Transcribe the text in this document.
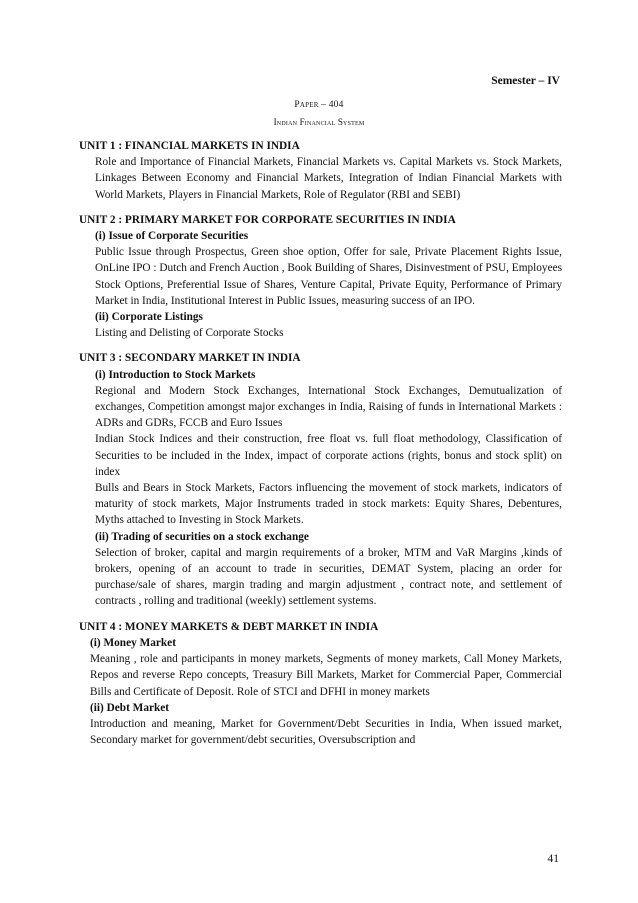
Semester – IV
Paper – 404
Indian Financial System
UNIT 1 : FINANCIAL MARKETS IN INDIA
Role and Importance of Financial Markets, Financial Markets vs. Capital Markets vs. Stock Markets, Linkages Between Economy and Financial Markets, Integration of Indian Financial Markets with World Markets, Players in Financial Markets, Role of Regulator (RBI and SEBI)
UNIT 2 : PRIMARY MARKET FOR CORPORATE SECURITIES IN INDIA
(i) Issue of Corporate Securities
Public Issue through Prospectus, Green shoe option, Offer for sale, Private Placement Rights Issue, OnLine IPO : Dutch and French Auction , Book Building of Shares, Disinvestment of PSU, Employees Stock Options, Preferential Issue of Shares, Venture Capital, Private Equity, Performance of Primary Market in India, Institutional Interest in Public Issues, measuring success of an IPO.
(ii) Corporate Listings
Listing and Delisting of Corporate Stocks
UNIT 3 : SECONDARY MARKET IN INDIA
(i) Introduction to Stock Markets
Regional and Modern Stock Exchanges, International Stock Exchanges, Demutualization of exchanges, Competition amongst major exchanges in India, Raising of funds in International Markets : ADRs and GDRs, FCCB and Euro Issues
Indian Stock Indices and their construction, free float vs. full float methodology, Classification of Securities to be included in the Index, impact of corporate actions (rights, bonus and stock split) on index
Bulls and Bears in Stock Markets, Factors influencing the movement of stock markets, indicators of maturity of stock markets, Major Instruments traded in stock markets: Equity Shares, Debentures, Myths attached to Investing in Stock Markets.
(ii) Trading of securities on a stock exchange
Selection of broker, capital and margin requirements of a broker, MTM and VaR Margins ,kinds of brokers, opening of an account to trade in securities, DEMAT System, placing an order for purchase/sale of shares, margin trading and margin adjustment , contract note, and settlement of contracts , rolling and traditional (weekly) settlement systems.
UNIT 4 : MONEY MARKETS & DEBT MARKET IN INDIA
(i) Money Market
Meaning , role and participants in money markets, Segments of money markets, Call Money Markets, Repos and reverse Repo concepts, Treasury Bill Markets, Market for Commercial Paper, Commercial Bills and Certificate of Deposit. Role of STCI and DFHI in money markets
(ii) Debt Market
Introduction and meaning, Market for Government/Debt Securities in India, When issued market, Secondary market for government/debt securities, Oversubscription and
41
